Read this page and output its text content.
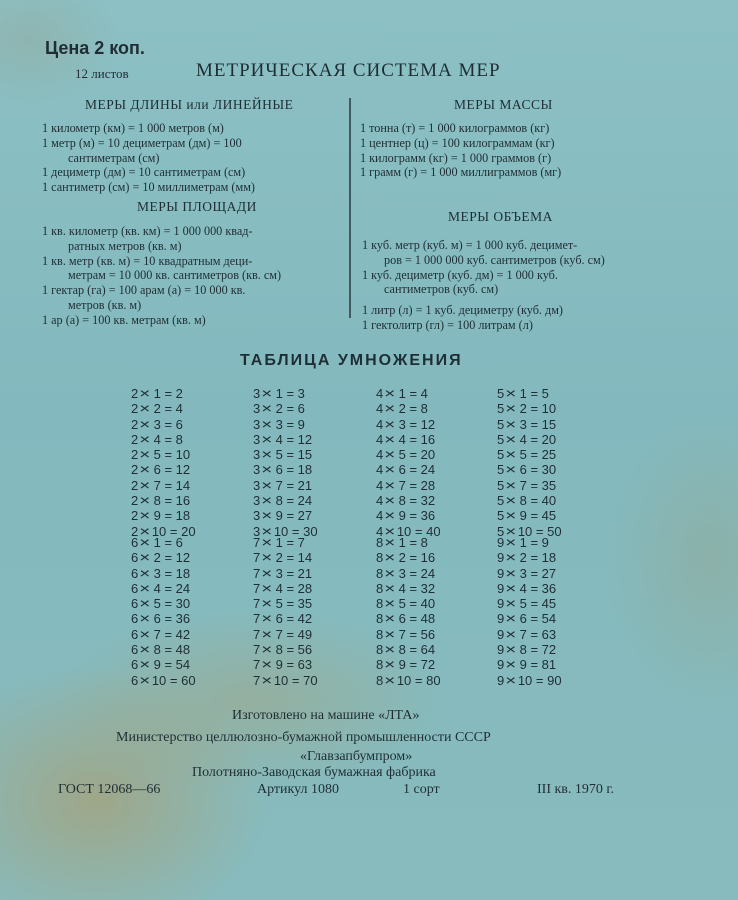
Цена 2 коп.
12 листов	МЕТРИЧЕСКАЯ СИСТЕМА МЕР
МЕРЫ ДЛИНЫ или ЛИНЕЙНЫЕ
1 километр (км) = 1 000 метров (м)
1 метр (м) = 10 дециметрам (дм) = 100
сантиметрам (см)
1 дециметр (дм) = 10 сантиметрам (см)
1 сантиметр (см) = 10 миллиметрам (мм)
МЕРЫ ПЛОЩАДИ
1 кв. километр (кв. км) = 1 000 000 квад-
ратных метров (кв. м)
1 кв. метр (кв. м) = 10 квадратным деци-
метрам = 10 000 кв. сантиметров (кв. см)
1 гектар (га) = 100 арам (а) = 10 000 кв.
метров (кв. м)
1 ар (а) = 100 кв. метрам (кв. м)
МЕРЫ МАССЫ
1 тонна (т) = 1 000 килограммов (кг)
1 центнер (ц) = 100 килограммам (кг)
1 килограмм (кг) = 1 000 граммов (г)
1 грамм (г) = 1 000 миллиграммов (мг)
МЕРЫ ОБЪЕМА
1 куб. метр (куб. м) = 1 000 куб. децимет-
ров = 1 000 000 куб. сантиметров (куб. см)
1 куб. дециметр (куб. дм) = 1 000 куб.
сантиметров (куб. см)
1 литр (л) = 1 куб. дециметру (куб. дм)
1 гектолитр (гл) = 100 литрам (л)
ТАБЛИЦА УМНОЖЕНИЯ
2× 1 = 2
2× 2 = 4
2× 3 = 6
2× 4 = 8
2× 5 = 10
2× 6 = 12
2× 7 = 14
2× 8 = 16
2× 9 = 18
2×10 = 20
3× 1 = 3
3× 2 = 6
3× 3 = 9
3× 4 = 12
3× 5 = 15
3× 6 = 18
3× 7 = 21
3× 8 = 24
3× 9 = 27
3×10 = 30
4× 1 = 4
4× 2 = 8
4× 3 = 12
4× 4 = 16
4× 5 = 20
4× 6 = 24
4× 7 = 28
4× 8 = 32
4× 9 = 36
4×10 = 40
5× 1 = 5
5× 2 = 10
5× 3 = 15
5× 4 = 20
5× 5 = 25
5× 6 = 30
5× 7 = 35
5× 8 = 40
5× 9 = 45
5×10 = 50
6× 1 = 6
6× 2 = 12
6× 3 = 18
6× 4 = 24
6× 5 = 30
6× 6 = 36
6× 7 = 42
6× 8 = 48
6× 9 = 54
6×10 = 60
7× 1 = 7
7× 2 = 14
7× 3 = 21
7× 4 = 28
7× 5 = 35
7× 6 = 42
7× 7 = 49
7× 8 = 56
7× 9 = 63
7×10 = 70
8× 1 = 8
8× 2 = 16
8× 3 = 24
8× 4 = 32
8× 5 = 40
8× 6 = 48
8× 7 = 56
8× 8 = 64
8× 9 = 72
8×10 = 80
9× 1 = 9
9× 2 = 18
9× 3 = 27
9× 4 = 36
9× 5 = 45
9× 6 = 54
9× 7 = 63
9× 8 = 72
9× 9 = 81
9×10 = 90
Изготовлено на машине «ЛТА»
Министерство целлюлозно-бумажной промышленности СССР
«Главзапбумпром»
Полотняно-Заводская бумажная фабрика
ГОСТ 12068—66	Артикул 1080	1 сорт	III кв. 1970 г.
